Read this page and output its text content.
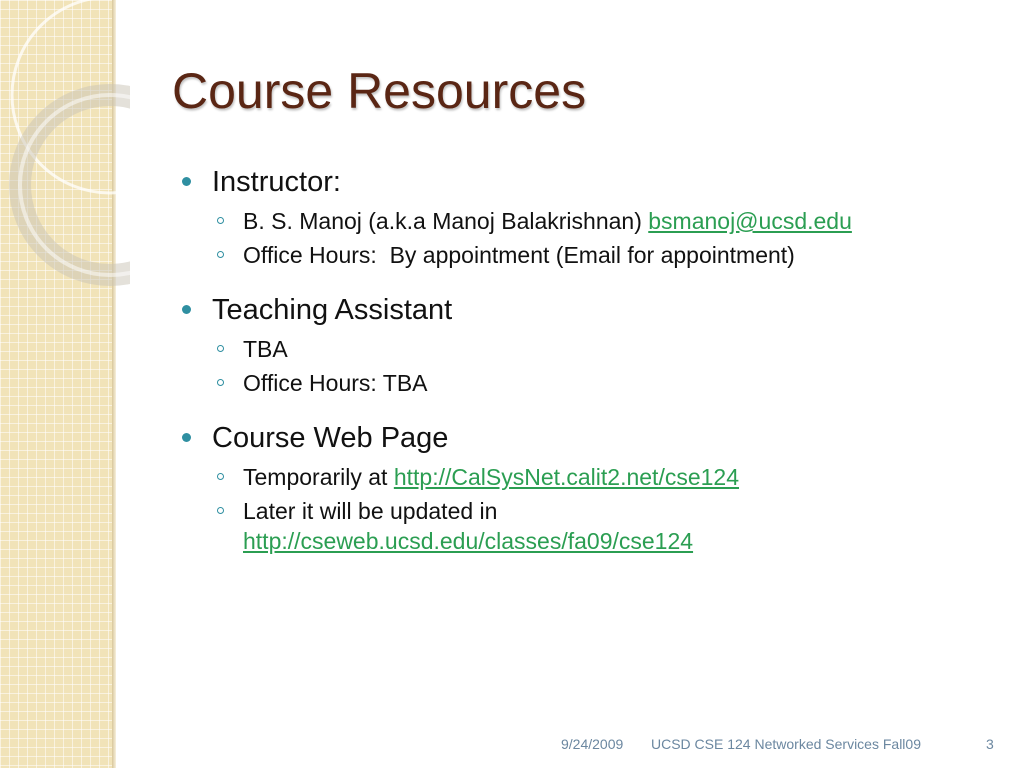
Course Resources
Instructor:
B. S. Manoj (a.k.a Manoj Balakrishnan) bsmanoj@ucsd.edu
Office Hours:  By appointment (Email for appointment)
Teaching Assistant
TBA
Office Hours: TBA
Course Web Page
Temporarily at http://CalSysNet.calit2.net/cse124
Later it will be updated in
http://cseweb.ucsd.edu/classes/fa09/cse124
9/24/2009 UCSD CSE 124 Networked Services Fall09	3
